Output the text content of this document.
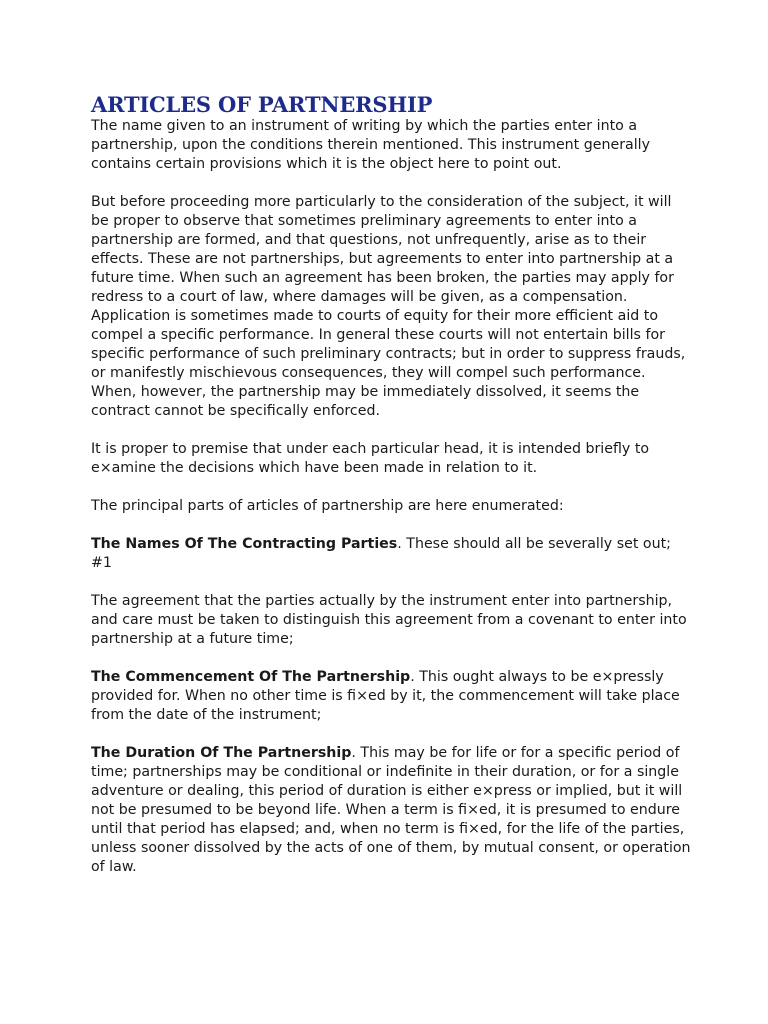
ARTICLES OF PARTNERSHIP

The name given to an instrument of writing by which the parties enter into a partnership, upon the conditions therein mentioned. This instrument generally contains certain provisions which it is the object here to point out.

But before proceeding more particularly to the consideration of the subject, it will be proper to observe that sometimes preliminary agreements to enter into a partnership are formed, and that questions, not unfrequently, arise as to their effects. These are not partnerships, but agreements to enter into partnership at a future time. When such an agreement has been broken, the parties may apply for redress to a court of law, where damages will be given, as a compensation. Application is sometimes made to courts of equity for their more efficient aid to compel a specific performance. In general these courts will not entertain bills for specific performance of such preliminary contracts; but in order to suppress frauds, or manifestly mischievous consequences, they will compel such performance. When, however, the partnership may be immediately dissolved, it seems the contract cannot be specifically enforced.

It is proper to premise that under each particular head, it is intended briefly to e×amine the decisions which have been made in relation to it.

The principal parts of articles of partnership are here enumerated:

The Names Of The Contracting Parties. These should all be severally set out; #1

The agreement that the parties actually by the instrument enter into partnership, and care must be taken to distinguish this agreement from a covenant to enter into partnership at a future time;

The Commencement Of The Partnership. This ought always to be e×pressly provided for. When no other time is fi×ed by it, the commencement will take place from the date of the instrument;

The Duration Of The Partnership. This may be for life or for a specific period of time; partnerships may be conditional or indefinite in their duration, or for a single adventure or dealing, this period of duration is either e×press or implied, but it will not be presumed to be beyond life. When a term is fi×ed, it is presumed to endure until that period has elapsed; and, when no term is fi×ed, for the life of the parties, unless sooner dissolved by the acts of one of them, by mutual consent, or operation of law.
